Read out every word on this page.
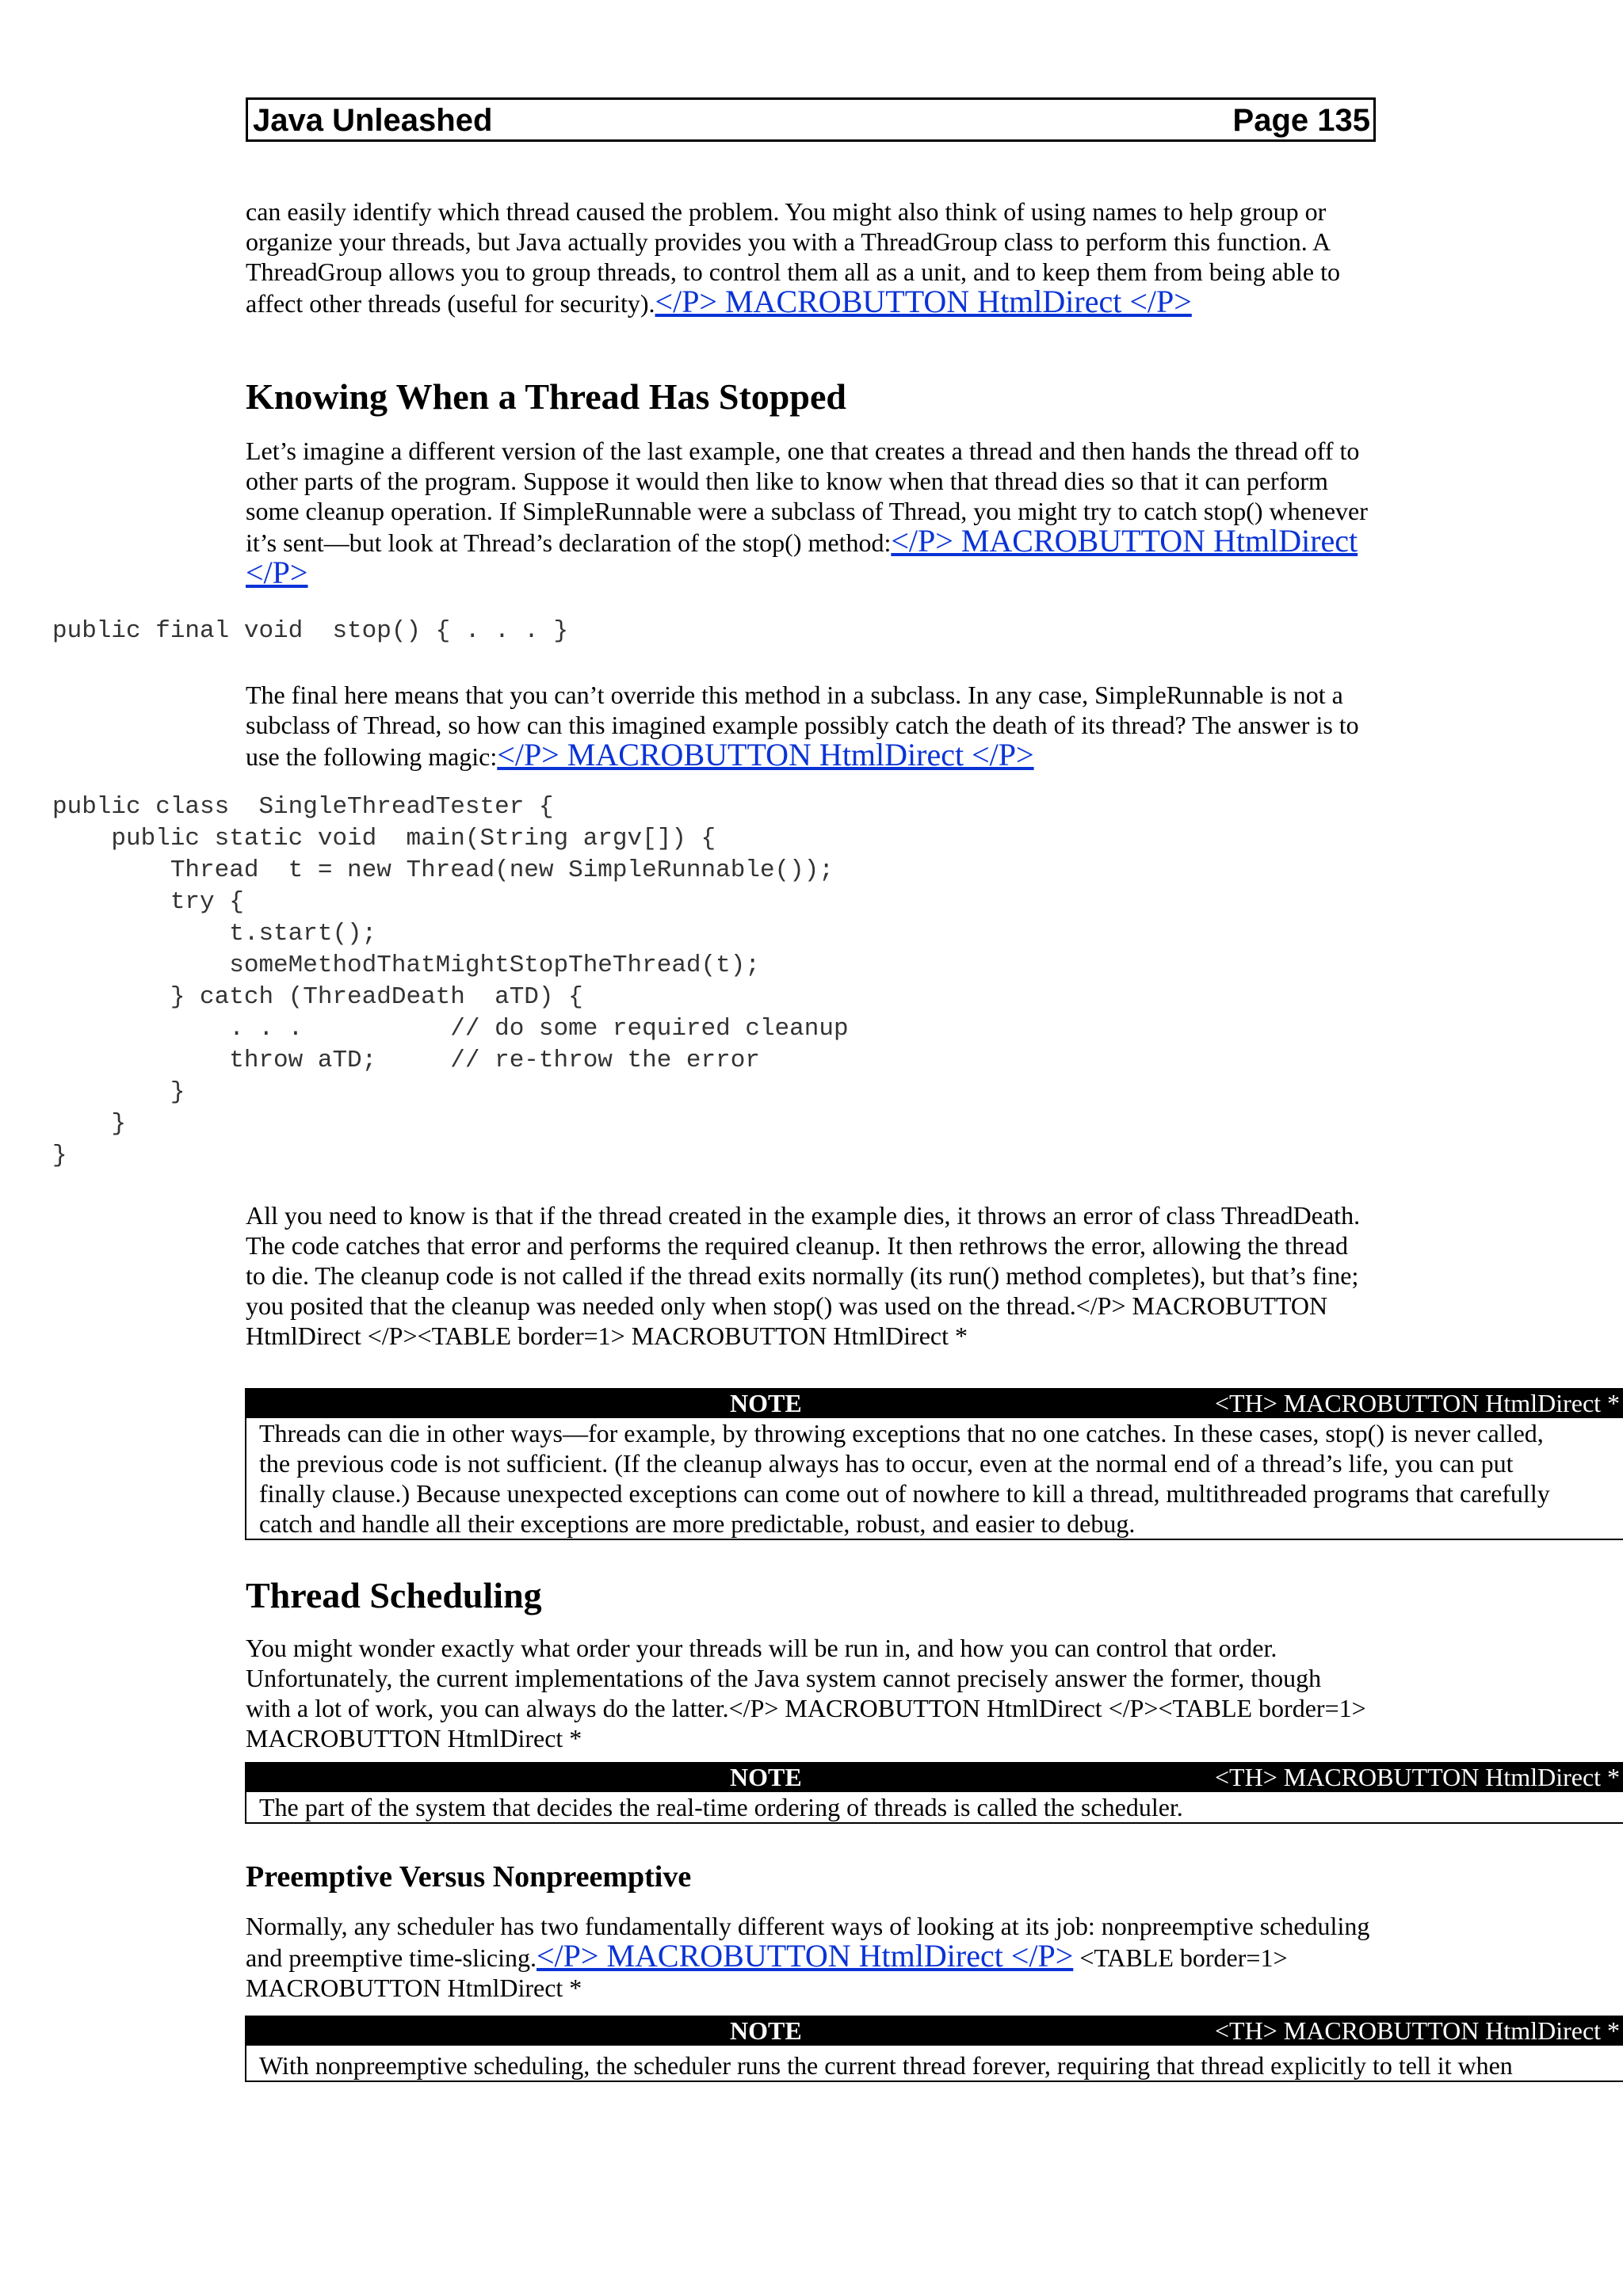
Java Unleashed	Page 135
can easily identify which thread caused the problem. You might also think of using names to help group or organize your threads, but Java actually provides you with a ThreadGroup class to perform this function. A ThreadGroup allows you to group threads, to control them all as a unit, and to keep them from being able to affect other threads (useful for security).</P> MACROBUTTON HtmlDirect </P>
Knowing When a Thread Has Stopped
Let’s imagine a different version of the last example, one that creates a thread and then hands the thread off to other parts of the program. Suppose it would then like to know when that thread dies so that it can perform some cleanup operation. If SimpleRunnable were a subclass of Thread, you might try to catch stop() whenever it’s sent—but look at Thread’s declaration of the stop() method:</P> MACROBUTTON HtmlDirect </P>
public final void  stop() { . . . }
The final here means that you can’t override this method in a subclass. In any case, SimpleRunnable is not a subclass of Thread, so how can this imagined example possibly catch the death of its thread? The answer is to use the following magic:</P> MACROBUTTON HtmlDirect </P>
public class  SingleThreadTester {
public static void  main(String argv[]) {
Thread  t = new Thread(new SimpleRunnable());
try {
t.start();
someMethodThatMightStopTheThread(t);
} catch (ThreadDeath  aTD) {
. . .          // do some required cleanup
throw aTD;     // re-throw the error
}
}
}
All you need to know is that if the thread created in the example dies, it throws an error of class ThreadDeath. The code catches that error and performs the required cleanup. It then rethrows the error, allowing the thread to die. The cleanup code is not called if the thread exits normally (its run() method completes), but that’s fine; you posited that the cleanup was needed only when stop() was used on the thread.</P> MACROBUTTON HtmlDirect </P><TABLE border=1> MACROBUTTON HtmlDirect *
<TH> MACROBUTTON HtmlDirect *
NOTE
Threads can die in other ways—for example, by throwing exceptions that no one catches. In these cases, stop() is never called,
the previous code is not sufficient. (If the cleanup always has to occur, even at the normal end of a thread’s life, you can put
finally clause.) Because unexpected exceptions can come out of nowhere to kill a thread, multithreaded programs that carefully
catch and handle all their exceptions are more predictable, robust, and easier to debug.
Thread Scheduling
You might wonder exactly what order your threads will be run in, and how you can control that order. Unfortunately, the current implementations of the Java system cannot precisely answer the former, though with a lot of work, you can always do the latter.</P> MACROBUTTON HtmlDirect </P><TABLE border=1> MACROBUTTON HtmlDirect *
<TH> MACROBUTTON HtmlDirect *
NOTE
The part of the system that decides the real-time ordering of threads is called the scheduler.
Preemptive Versus Nonpreemptive
Normally, any scheduler has two fundamentally different ways of looking at its job: nonpreemptive scheduling and preemptive time-slicing.</P> MACROBUTTON HtmlDirect </P> <TABLE border=1> MACROBUTTON HtmlDirect *
<TH> MACROBUTTON HtmlDirect *
NOTE
With nonpreemptive scheduling, the scheduler runs the current thread forever, requiring that thread explicitly to tell it when
